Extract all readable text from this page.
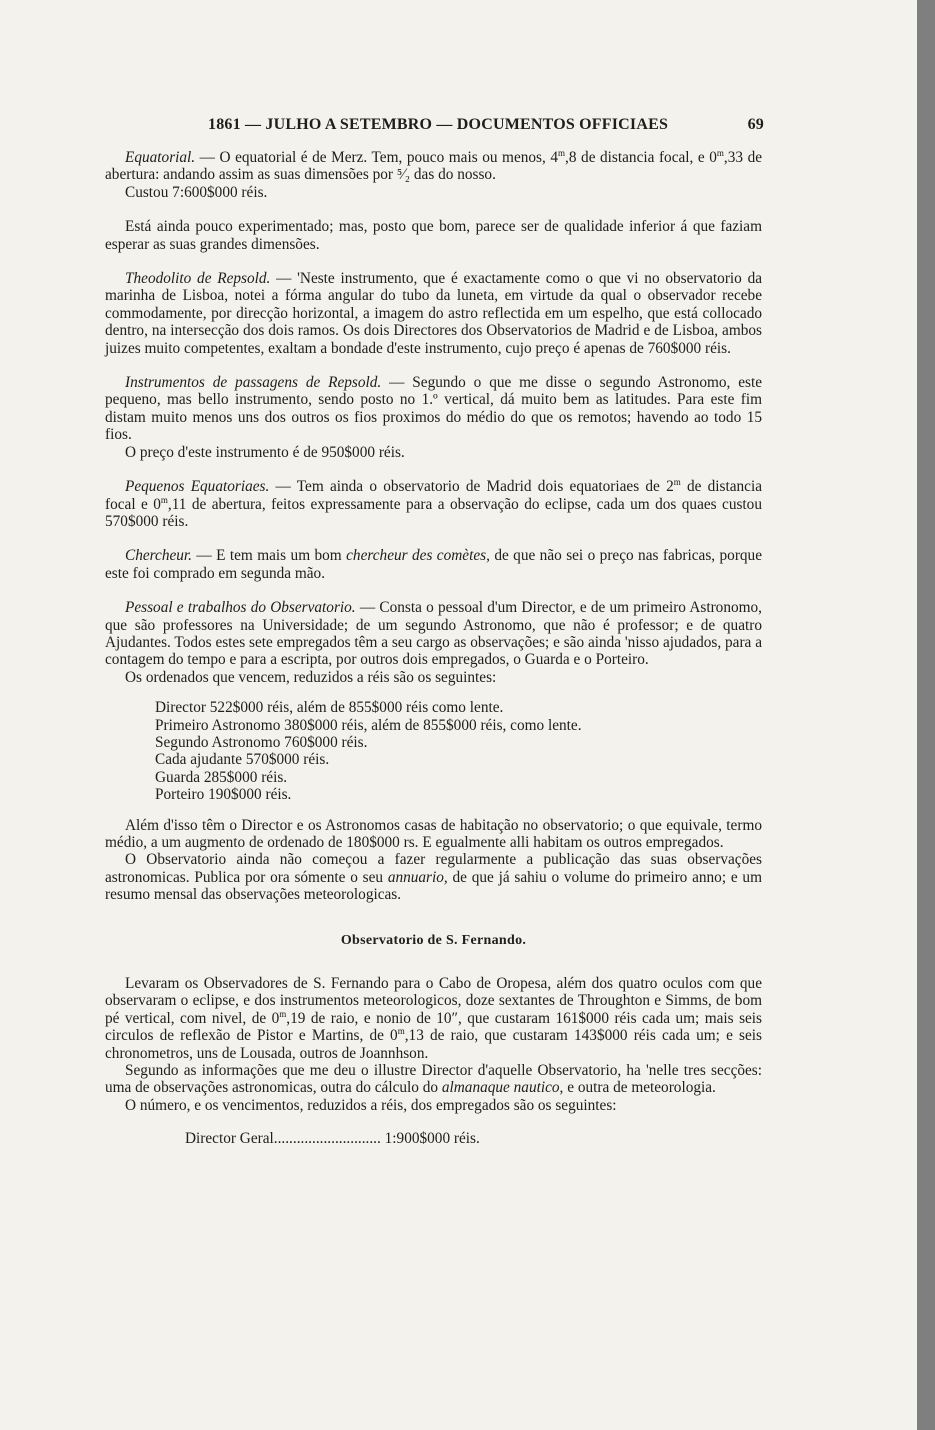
1861 — JULHO A SETEMBRO — DOCUMENTOS OFFICIAES	69

Equatorial. — O equatorial é de Merz. Tem, pouco mais ou menos, 4$^m$,8 de distancia focal, e 0$^m$,33 de abertura: andando assim as suas dimensões por ⁵⁄₂ das do nosso.

Custou 7:600$000 réis.

Está ainda pouco experimentado; mas, posto que bom, parece ser de qualidade inferior á que faziam esperar as suas grandes dimensões.

Theodolito de Repsold. — 'Neste instrumento, que é exactamente como o que vi no observatorio da marinha de Lisboa, notei a fórma angular do tubo da luneta, em virtude da qual o observador recebe commodamente, por direcção horizontal, a imagem do astro reflectida em um espelho, que está collocado dentro, na intersecção dos dois ramos. Os dois Directores dos Observatorios de Madrid e de Lisboa, ambos juizes muito competentes, exaltam a bondade d'este instrumento, cujo preço é apenas de 760$000 réis.

Instrumentos de passagens de Repsold. — Segundo o que me disse o segundo Astronomo, este pequeno, mas bello instrumento, sendo posto no 1.º vertical, dá muito bem as latitudes. Para este fim distam muito menos uns dos outros os fios proximos do médio do que os remotos; havendo ao todo 15 fios.

O preço d'este instrumento é de 950$000 réis.

Pequenos Equatoriaes. — Tem ainda o observatorio de Madrid dois equatoriaes de 2$^m$ de distancia focal e 0$^m$,11 de abertura, feitos expressamente para a observação do eclipse, cada um dos quaes custou 570$000 réis.

Chercheur. — E tem mais um bom chercheur des comètes, de que não sei o preço nas fabricas, porque este foi comprado em segunda mão.

Pessoal e trabalhos do Observatorio. — Consta o pessoal d'um Director, e de um primeiro Astronomo, que são professores na Universidade; de um segundo Astronomo, que não é professor; e de quatro Ajudantes. Todos estes sete empregados têm a seu cargo as observações; e são ainda 'nisso ajudados, para a contagem do tempo e para a escripta, por outros dois empregados, o Guarda e o Porteiro.

Os ordenados que vencem, reduzidos a réis são os seguintes:

Director 522$000 réis, além de 855$000 réis como lente.
Primeiro Astronomo 380$000 réis, além de 855$000 réis, como lente.
Segundo Astronomo 760$000 réis.
Cada ajudante 570$000 réis.
Guarda 285$000 réis.
Porteiro 190$000 réis.

Além d'isso têm o Director e os Astronomos casas de habitação no observatorio; o que equivale, termo médio, a um augmento de ordenado de 180$000 rs. E egualmente alli habitam os outros empregados.

O Observatorio ainda não começou a fazer regularmente a publicação das suas observações astronomicas. Publica por ora sómente o seu annuario, de que já sahiu o volume do primeiro anno; e um resumo mensal das observações meteorologicas.

Observatorio de S. Fernando.

Levaram os Observadores de S. Fernando para o Cabo de Oropesa, além dos quatro oculos com que observaram o eclipse, e dos instrumentos meteorologicos, doze sextantes de Throughton e Simms, de bom pé vertical, com nivel, de 0$^m$,19 de raio, e nonio de 10″, que custaram 161$000 réis cada um; mais seis circulos de reflexão de Pistor e Martins, de 0$^m$,13 de raio, que custaram 143$000 réis cada um; e seis chronometros, uns de Lousada, outros de Joannhson.

Segundo as informações que me deu o illustre Director d'aquelle Observatorio, ha 'nelle tres secções: uma de observações astronomicas, outra do cálculo do almanaque nautico, e outra de meteorologia.

O número, e os vencimentos, reduzidos a réis, dos empregados são os seguintes:

Director Geral............................ 1:900$000 réis.
